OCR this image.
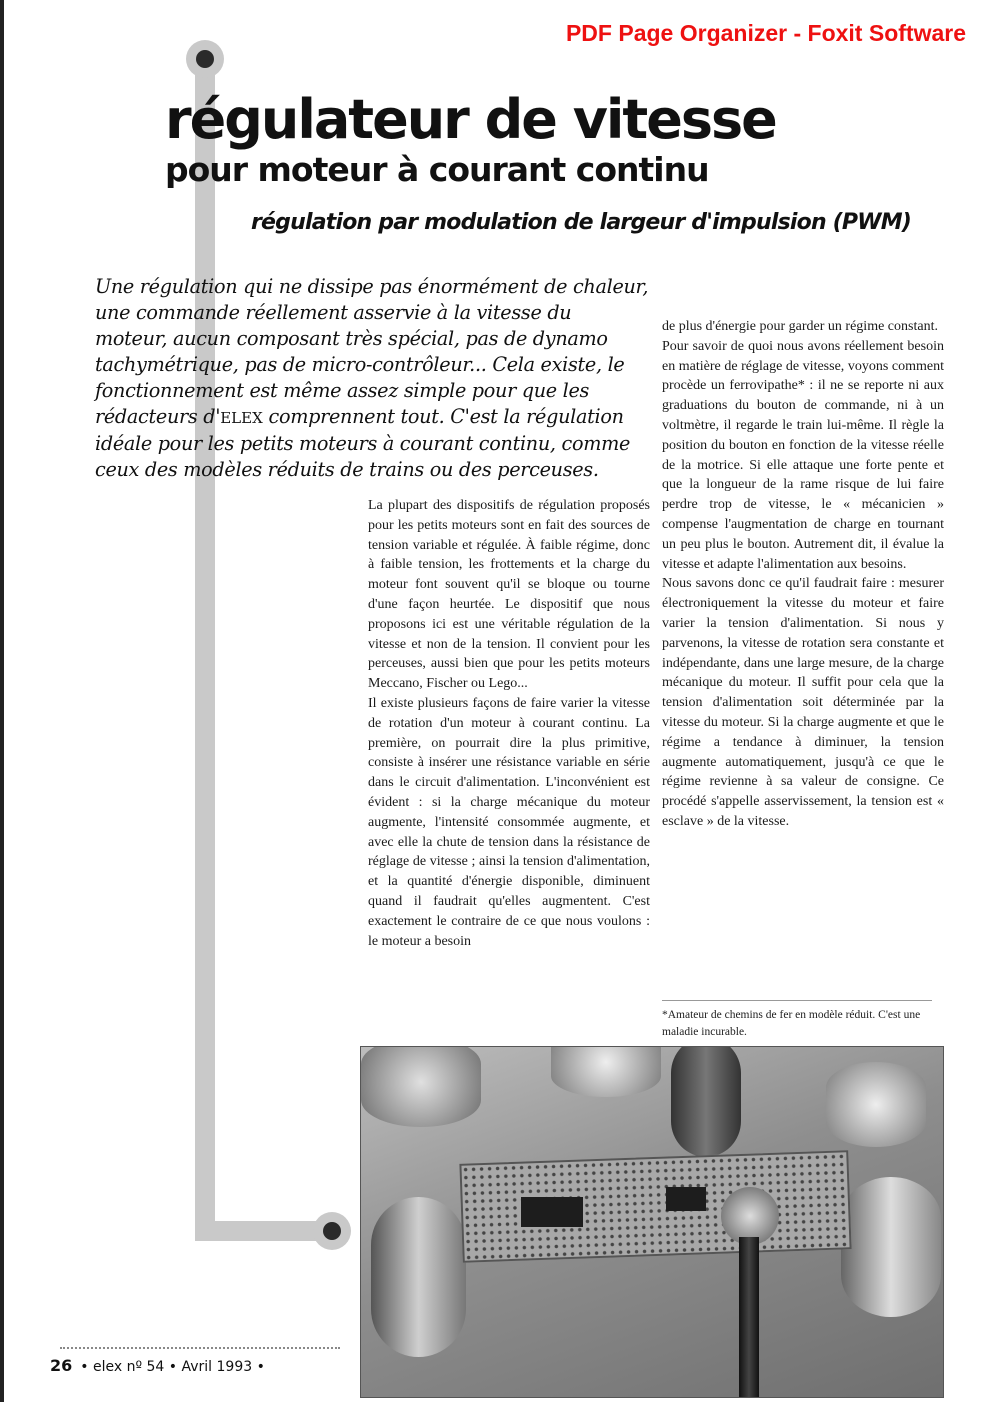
PDF Page Organizer - Foxit Software
régulateur de vitesse
pour moteur à courant continu
régulation par modulation de largeur d'impulsion (PWM)
Une régulation qui ne dissipe pas énormément de chaleur,
une commande réellement asservie à la vitesse du
moteur, aucun composant très spécial, pas de dynamo
tachymétrique, pas de micro-contrôleur... Cela existe, le
fonctionnement est même assez simple pour que les
rédacteurs d'ELEX comprennent tout. C'est la régulation
idéale pour les petits moteurs à courant continu, comme
ceux des modèles réduits de trains ou des perceuses.

La plupart des dispositifs de régulation proposés pour les petits moteurs sont en fait des sources de tension variable et régulée. À faible régime, donc à faible tension, les frottements et la charge du moteur font souvent qu'il se bloque ou tourne d'une façon heurtée. Le dispositif que nous proposons ici est une véritable régulation de la vitesse et non de la tension. Il convient pour les perceuses, aussi bien que pour les petits moteurs Meccano, Fischer ou Lego...

Il existe plusieurs façons de faire varier la vitesse de rotation d'un moteur à courant continu. La première, on pourrait dire la plus primitive, consiste à insérer une résistance variable en série dans le circuit d'alimentation. L'inconvénient est évident : si la charge mécanique du moteur augmente, l'intensité consommée augmente, et avec elle la chute de tension dans la résistance de réglage de vitesse ; ainsi la tension d'alimentation, et la quantité d'énergie disponible, diminuent quand il faudrait qu'elles augmentent. C'est exactement le contraire de ce que nous voulons : le moteur a besoin

de plus d'énergie pour garder un régime constant.

Pour savoir de quoi nous avons réellement besoin en matière de réglage de vitesse, voyons comment procède un ferrovipathe* : il ne se reporte ni aux graduations du bouton de commande, ni à un voltmètre, il regarde le train lui-même. Il règle la position du bouton en fonction de la vitesse réelle de la motrice. Si elle attaque une forte pente et que la longueur de la rame risque de lui faire perdre trop de vitesse, le « mécanicien » compense l'augmentation de charge en tournant un peu plus le bouton. Autrement dit, il évalue la vitesse et adapte l'alimentation aux besoins.

Nous savons donc ce qu'il faudrait faire : mesurer électroniquement la vitesse du moteur et faire varier la tension d'alimentation. Si nous y parvenons, la vitesse de rotation sera constante et indépendante, dans une large mesure, de la charge mécanique du moteur. Il suffit pour cela que la tension d'alimentation soit déterminée par la vitesse du moteur. Si la charge augmente et que le régime a tendance à diminuer, la tension augmente automatiquement, jusqu'à ce que le régime revienne à sa valeur de consigne. Ce procédé s'appelle asservissement, la tension est « esclave » de la vitesse.

*Amateur de chemins de fer en modèle réduit. C'est une maladie incurable.

26 • elex nº 54 • Avril 1993 •
